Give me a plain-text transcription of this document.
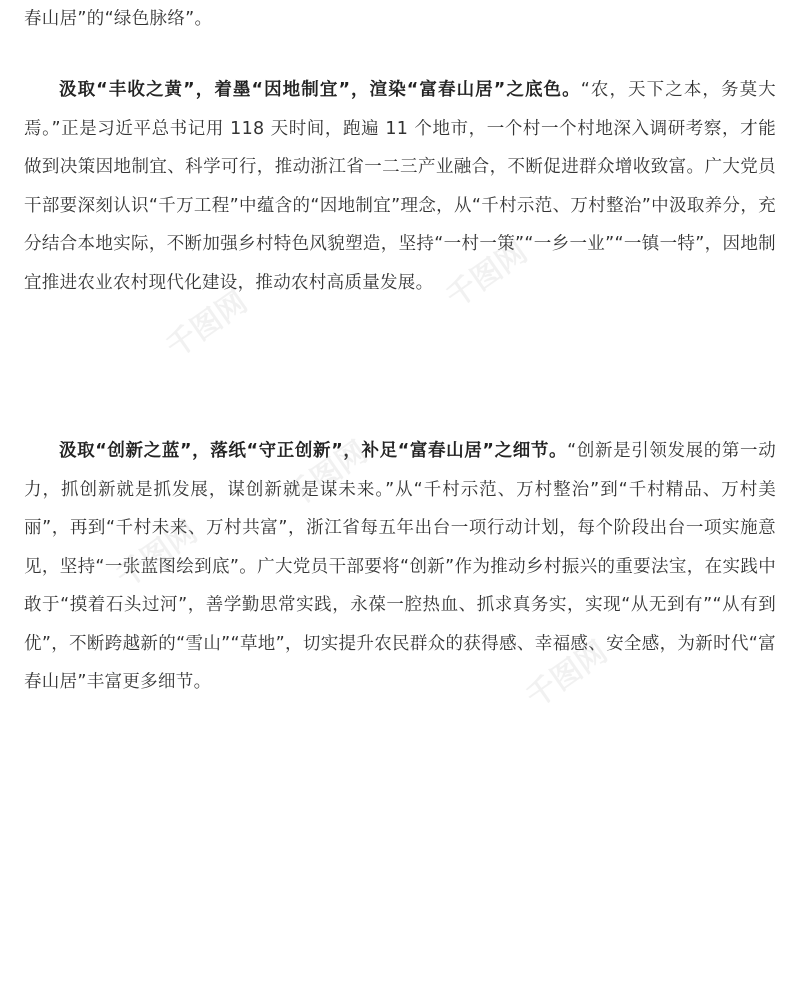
春山居”的“绿色脉络”。

汲取“丰收之黄”，着墨“因地制宜”，渲染“富春山居”之底色。“农，天下之本，务莫大焉。”正是习近平总书记用 118 天时间，跑遍 11 个地市，一个村一个村地深入调研考察，才能做到决策因地制宜、科学可行，推动浙江省一二三产业融合，不断促进群众增收致富。广大党员干部要深刻认识“千万工程”中蕴含的“因地制宜”理念，从“千村示范、万村整治”中汲取养分，充分结合本地实际，不断加强乡村特色风貌塑造，坚持“一村一策”“一乡一业”“一镇一特”，因地制宜推进农业农村现代化建设，推动农村高质量发展。

汲取“创新之蓝”，落纸“守正创新”，补足“富春山居”之细节。“创新是引领发展的第一动力，抓创新就是抓发展，谋创新就是谋未来。”从“千村示范、万村整治”到“千村精品、万村美丽”，再到“千村未来、万村共富”，浙江省每五年出台一项行动计划，每个阶段出台一项实施意见，坚持“一张蓝图绘到底”。广大党员干部要将“创新”作为推动乡村振兴的重要法宝，在实践中敢于“摸着石头过河”，善学勤思常实践，永葆一腔热血、抓求真务实，实现“从无到有”“从有到优”，不断跨越新的“雪山”“草地”，切实提升农民群众的获得感、幸福感、安全感，为新时代“富春山居”丰富更多细节。

千图网
千图网
千图网
千图网
千图网
